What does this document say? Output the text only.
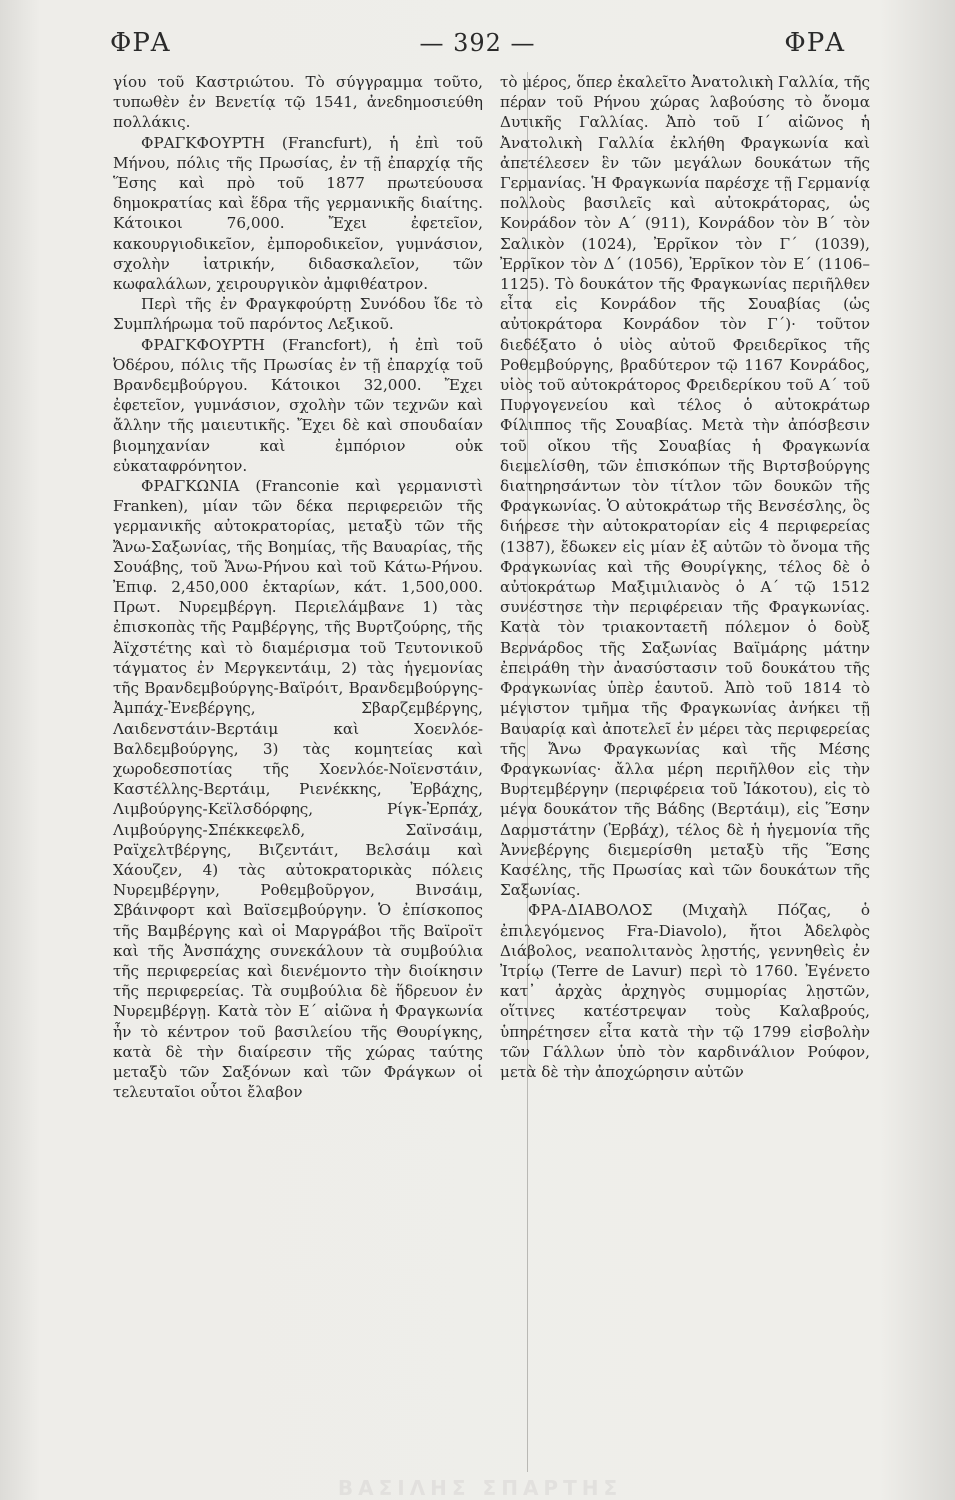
ΦΡΑ	— 392 —	ΦΡΑ

γίου τοῦ Καστριώτου. Τὸ σύγγραμμα τοῦτο, τυπωθὲν ἐν Βενετίᾳ τῷ 1541, ἀνεδημοσιεύθη πολλάκις.

ΦΡΑΓΚΦΟΥΡΤΗ (Francfurt), ἡ ἐπὶ τοῦ Μήνου, πόλις τῆς Πρωσίας, ἐν τῇ ἐπαρχίᾳ τῆς Ἕσης καὶ πρὸ τοῦ 1877 πρωτεύουσα δημοκρατίας καὶ ἕδρα τῆς γερμανικῆς διαίτης. Κάτοικοι 76,000. Ἔχει ἐφετεῖον, κακουργιοδικεῖον, ἐμποροδικεῖον, γυμνάσιον, σχολὴν ἰατρικήν, διδασκαλεῖον, τῶν κωφαλάλων, χειρουργικὸν ἀμφιθέατρον.

Περὶ τῆς ἐν Φραγκφούρτῃ Συνόδου ἴδε τὸ Συμπλήρωμα τοῦ παρόντος Λεξικοῦ.

ΦΡΑΓΚΦΟΥΡΤΗ (Francfort), ἡ ἐπὶ τοῦ Ὀδέρου, πόλις τῆς Πρωσίας ἐν τῇ ἐπαρχίᾳ τοῦ Βρανδεμβούργου. Κάτοικοι 32,000. Ἔχει ἐφετεῖον, γυμνάσιον, σχολὴν τῶν τεχνῶν καὶ ἄλλην τῆς μαιευτικῆς. Ἔχει δὲ καὶ σπουδαίαν βιομηχανίαν καὶ ἐμπόριον οὐκ εὐκαταφρόνητον.

ΦΡΑΓΚΩΝΙΑ (Franconie καὶ γερμανιστὶ Franken), μίαν τῶν δέκα περιφερειῶν τῆς γερμανικῆς αὐτοκρατορίας, μεταξὺ τῶν τῆς Ἄνω-Σαξωνίας, τῆς Βοημίας, τῆς Βαυαρίας, τῆς Σουάβης, τοῦ Ἄνω-Ρήνου καὶ τοῦ Κάτω-Ρήνου. Ἐπιφ. 2,450,000 ἑκταρίων, κάτ. 1,500,000. Πρωτ. Νυρεμβέργη. Περιελάμβανε 1) τὰς ἐπισκοπὰς τῆς Ραμβέργης, τῆς Βυρτζούρης, τῆς Ἀϊχστέτης καὶ τὸ διαμέρισμα τοῦ Τευτονικοῦ τάγματος ἐν Μεργκεντάιμ, 2) τὰς ἡγεμονίας τῆς Βρανδεμβούργης-Βαϊρόιτ, Βρανδεμβούργης-Ἀμπάχ-Ἐνεβέργης, Σβαρζεμβέργης, Λαιδενστάιν-Βερτάιμ καὶ Χοενλόε-Βαλδεμβούργης, 3) τὰς κομητείας καὶ χωροδεσποτίας τῆς Χοενλόε-Νοϊενστάιν, Καστέλλης-Βερτάιμ, Ριενέκκης, Ἐρβάχης, Λιμβούργης-Κεϊλσδόρφης, Ρίγκ-Ἐρπάχ, Λιμβούργης-Σπέκκεφελδ, Σαϊνσάιμ, Ραϊχελτβέργης, Βιζεντάιτ, Βελσάιμ καὶ Χάουζεν, 4) τὰς αὐτοκρατορικὰς πόλεις Νυρεμβέργην, Ροθεμβοῦργον, Βινσάιμ, Σβάινφορτ καὶ Βαϊσεμβούργην. Ὁ ἐπίσκοπος τῆς Βαμβέργης καὶ οἱ Μαργράβοι τῆς Βαϊροϊτ καὶ τῆς Ἀνσπάχης συνεκάλουν τὰ συμβούλια τῆς περιφερείας καὶ διενέμοντο τὴν διοίκησιν τῆς περιφερείας. Τὰ συμβούλια δὲ ἥδρευον ἐν Νυρεμβέργῃ. Κατὰ τὸν Ε΄ αἰῶνα ἡ Φραγκωνία ἦν τὸ κέντρον τοῦ βασιλείου τῆς Θουρίγκης, κατὰ δὲ τὴν διαίρεσιν τῆς χώρας ταύτης μεταξὺ τῶν Σαξόνων καὶ τῶν Φράγκων οἱ τελευταῖοι οὗτοι ἔλαβον

τὸ μέρος, ὅπερ ἐκαλεῖτο Ἀνατολικὴ Γαλλία, τῆς πέραν τοῦ Ρήνου χώρας λαβούσης τὸ ὄνομα Δυτικῆς Γαλλίας. Ἀπὸ τοῦ Ι΄ αἰῶνος ἡ Ἀνατολικὴ Γαλλία ἐκλήθη Φραγκωνία καὶ ἀπετέλεσεν ἓν τῶν μεγάλων δουκάτων τῆς Γερμανίας. Ἡ Φραγκωνία παρέσχε τῇ Γερμανίᾳ πολλοὺς βασιλεῖς καὶ αὐτοκράτορας, ὡς Κονράδον τὸν Α΄ (911), Κονράδον τὸν Β΄ τὸν Σαλικὸν (1024), Ἐρρῖκον τὸν Γ΄ (1039), Ἐρρῖκον τὸν Δ΄ (1056), Ἐρρῖκον τὸν Ε΄ (1106–1125). Τὸ δουκάτον τῆς Φραγκωνίας περιῆλθεν εἶτα εἰς Κονράδον τῆς Σουαβίας (ὡς αὐτοκράτορα Κονράδον τὸν Γ΄)· τοῦτον διεδέξατο ὁ υἱὸς αὐτοῦ Φρειδερῖκος τῆς Ροθεμβούργης, βραδύτερον τῷ 1167 Κονράδος, υἱὸς τοῦ αὐτοκράτορος Φρειδερίκου τοῦ Α΄ τοῦ Πυργογενείου καὶ τέλος ὁ αὐτοκράτωρ Φίλιππος τῆς Σουαβίας. Μετὰ τὴν ἀπόσβεσιν τοῦ οἴκου τῆς Σουαβίας ἡ Φραγκωνία διεμελίσθη, τῶν ἐπισκόπων τῆς Βιρτσβούργης διατηρησάντων τὸν τίτλον τῶν δουκῶν τῆς Φραγκωνίας. Ὁ αὐτοκράτωρ τῆς Βενσέσλης, ὃς διήρεσε τὴν αὐτοκρατορίαν εἰς 4 περιφερείας (1387), ἔδωκεν εἰς μίαν ἐξ αὐτῶν τὸ ὄνομα τῆς Φραγκωνίας καὶ τῆς Θουρίγκης, τέλος δὲ ὁ αὐτοκράτωρ Μαξιμιλιανὸς ὁ Α΄ τῷ 1512 συνέστησε τὴν περιφέρειαν τῆς Φραγκωνίας. Κατὰ τὸν τριακονταετῆ πόλεμον ὁ δοὺξ Βερνάρδος τῆς Σαξωνίας Βαϊμάρης μάτην ἐπειράθη τὴν ἀνασύστασιν τοῦ δουκάτου τῆς Φραγκωνίας ὑπὲρ ἑαυτοῦ. Ἀπὸ τοῦ 1814 τὸ μέγιστον τμῆμα τῆς Φραγκωνίας ἀνήκει τῇ Βαυαρίᾳ καὶ ἀποτελεῖ ἐν μέρει τὰς περιφερείας τῆς Ἄνω Φραγκωνίας καὶ τῆς Μέσης Φραγκωνίας· ἄλλα μέρη περιῆλθον εἰς τὴν Βυρτεμβέργην (περιφέρεια τοῦ Ἰάκοτου), εἰς τὸ μέγα δουκάτον τῆς Βάδης (Βερτάιμ), εἰς Ἕσην Δαρμστάτην (Ἐρβάχ), τέλος δὲ ἡ ἡγεμονία τῆς Ἀννεβέργης διεμερίσθη μεταξὺ τῆς Ἕσης Κασέλης, τῆς Πρωσίας καὶ τῶν δουκάτων τῆς Σαξωνίας.

ΦΡΑ-ΔΙΑΒΟΛΟΣ (Μιχαὴλ Πόζας, ὁ ἐπιλεγόμενος Fra-Diavolo), ἤτοι Ἀδελφὸς Διάβολος, νεαπολιτανὸς λῃστής, γεννηθεὶς ἐν Ἰτρίῳ (Terre de Lavur) περὶ τὸ 1760. Ἐγένετο κατ᾽ ἀρχὰς ἀρχηγὸς συμμορίας λῃστῶν, οἵτινες κατέστρεψαν τοὺς Καλαβρούς, ὑπηρέτησεν εἶτα κατὰ τὴν τῷ 1799 εἰσβολὴν τῶν Γάλλων ὑπὸ τὸν καρδινάλιον Ρούφον, μετὰ δὲ τὴν ἀποχώρησιν αὐτῶν

ΒΑΣΙΛΗΣ ΣΠΑΡΤΗΣ
